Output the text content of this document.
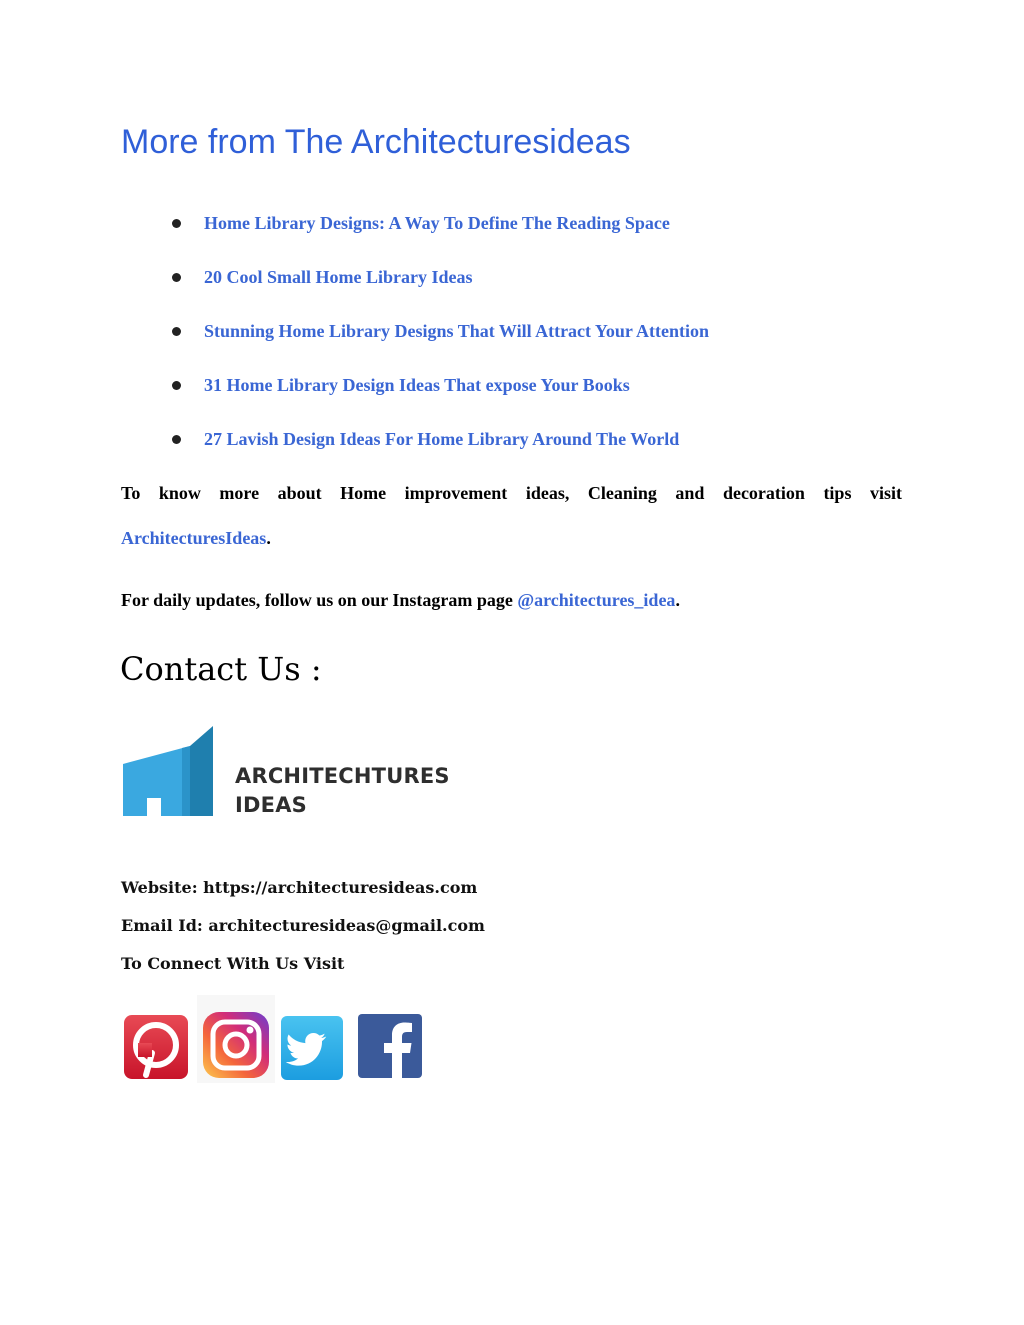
More from The Architecturesideas
Home Library Designs: A Way To Define The Reading Space
20 Cool Small Home Library Ideas
Stunning Home Library Designs That Will Attract Your Attention
31 Home Library Design Ideas That expose Your Books
27 Lavish Design Ideas For Home Library Around The World

To know more about Home improvement ideas, Cleaning and decoration tips visit

ArchitecturesIdeas.
For daily updates, follow us on our Instagram page @architectures_idea.
Contact Us :
ARCHITECHTURES
IDEAS
Website: https://architecturesideas.com
Email Id: architecturesideas@gmail.com
To Connect With Us Visit
